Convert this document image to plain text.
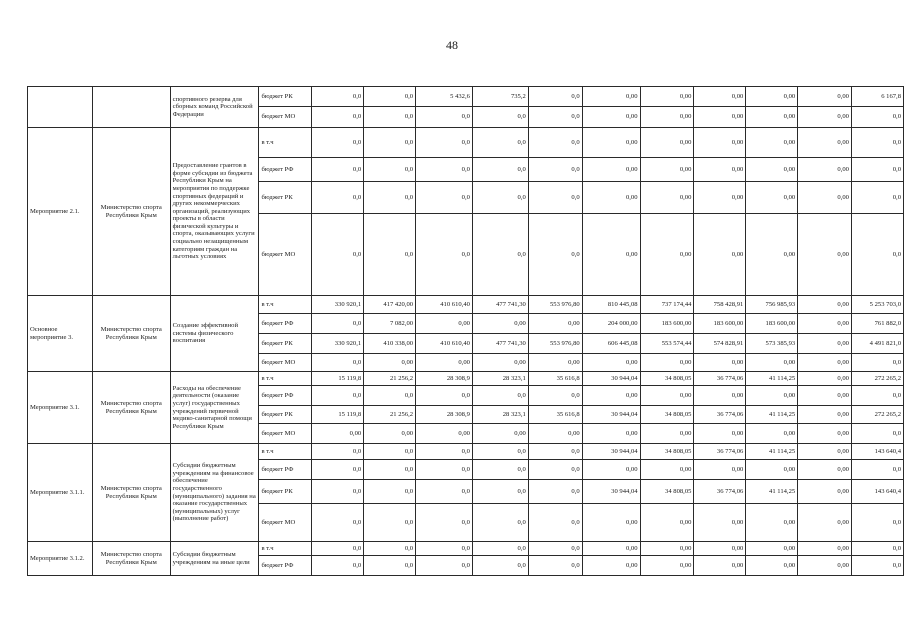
48
		спортивного резерва для сборных команд Российской Федерации	бюджет РК	0,0	0,0	5 432,6	735,2	0,0	0,00	0,00	0,00	0,00	0,00	6 167,8
			бюджет МО	0,0	0,0	0,0	0,0	0,0	0,00	0,00	0,00	0,00	0,00	0,0
Мероприятие 2.1.	Министерство спорта Республики Крым	Предоставление грантов в форме субсидии из бюджета Республики Крым на мероприятия по поддержке спортивных федераций и других некоммерческих организаций, реализующих проекты в области физической культуры и спорта, оказывающих услуги социально незащищенным категориям граждан на льготных условиях	в т.ч	0,0	0,0	0,0	0,0	0,0	0,00	0,00	0,00	0,00	0,00	0,0
			бюджет РФ	0,0	0,0	0,0	0,0	0,0	0,00	0,00	0,00	0,00	0,00	0,0
			бюджет РК	0,0	0,0	0,0	0,0	0,0	0,00	0,00	0,00	0,00	0,00	0,0
			бюджет МО	0,0	0,0	0,0	0,0	0,0	0,00	0,00	0,00	0,00	0,00	0,0
Основное мероприятие 3.	Министерство спорта Республики Крым	Создание эффективной системы физического воспитания	в т.ч	330 920,1	417 420,00	410 610,40	477 741,30	553 976,80	810 445,08	737 174,44	758 428,91	756 985,93	0,00	5 253 703,0
			бюджет РФ	0,0	7 082,00	0,00	0,00	0,00	204 000,00	183 600,00	183 600,00	183 600,00	0,00	761 882,0
			бюджет РК	330 920,1	410 338,00	410 610,40	477 741,30	553 976,80	606 445,08	553 574,44	574 828,91	573 385,93	0,00	4 491 821,0
			бюджет МО	0,0	0,00	0,00	0,00	0,00	0,00	0,00	0,00	0,00	0,00	0,0
Мероприятие 3.1.	Министерство спорта Республики Крым	Расходы на обеспечение деятельности (оказание услуг) государственных учреждений первичной медико-санитарной помощи Республики Крым	в т.ч	15 119,8	21 256,2	28 308,9	28 323,1	35 616,8	30 944,04	34 808,05	36 774,06	41 114,25	0,00	272 265,2
			бюджет РФ	0,0	0,0	0,0	0,0	0,0	0,00	0,00	0,00	0,00	0,00	0,0
			бюджет РК	15 119,8	21 256,2	28 308,9	28 323,1	35 616,8	30 944,04	34 808,05	36 774,06	41 114,25	0,00	272 265,2
			бюджет МО	0,00	0,00	0,00	0,00	0,00	0,00	0,00	0,00	0,00	0,00	0,0
Мероприятие 3.1.1.	Министерство спорта Республики Крым	Субсидии бюджетным учреждениям на финансовое обеспечение государственного (муниципального) задания на оказание государственных (муниципальных) услуг (выполнение работ)	в т.ч	0,0	0,0	0,0	0,0	0,0	30 944,04	34 808,05	36 774,06	41 114,25	0,00	143 640,4
			бюджет РФ	0,0	0,0	0,0	0,0	0,0	0,00	0,00	0,00	0,00	0,00	0,0
			бюджет РК	0,0	0,0	0,0	0,0	0,0	30 944,04	34 808,05	36 774,06	41 114,25	0,00	143 640,4
			бюджет МО	0,0	0,0	0,0	0,0	0,0	0,00	0,00	0,00	0,00	0,00	0,0
Мероприятие 3.1.2.	Министерство спорта Республики Крым	Субсидии бюджетным учреждениям на иные цели	в т.ч	0,0	0,0	0,0	0,0	0,0	0,00	0,00	0,00	0,00	0,00	0,0
			бюджет РФ	0,0	0,0	0,0	0,0	0,0	0,00	0,00	0,00	0,00	0,00	0,0
